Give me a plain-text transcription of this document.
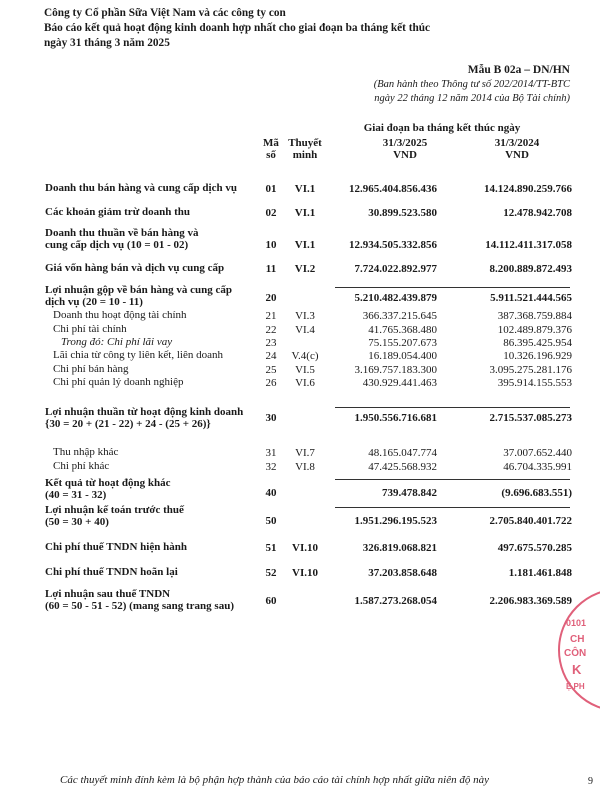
Công ty Cổ phần Sữa Việt Nam và các công ty con
Báo cáo kết quả hoạt động kinh doanh hợp nhất cho giai đoạn ba tháng kết thúc
ngày 31 tháng 3 năm 2025
Mẫu B 02a – DN/HN
(Ban hành theo Thông tư số 202/2014/TT-BTC
ngày 22 tháng 12 năm 2014 của Bộ Tài chính)
Mã
số
Thuyết
minh
Giai đoạn ba tháng kết thúc ngày
31/3/2025
VND
31/3/2024
VND
Doanh thu bán hàng và cung cấp dịch vụ	01	VI.1	12.965.404.856.436	14.124.890.259.766
Các khoản giảm trừ doanh thu	02	VI.1	30.899.523.580	12.478.942.708
Doanh thu thuần về bán hàng và
cung cấp dịch vụ (10 = 01 - 02)	10	VI.1	12.934.505.332.856	14.112.411.317.058
Giá vốn hàng bán và dịch vụ cung cấp	11	VI.2	7.724.022.892.977	8.200.889.872.493
Lợi nhuận gộp về bán hàng và cung cấp
dịch vụ (20 = 10 - 11)	20	5.210.482.439.879	5.911.521.444.565
Doanh thu hoạt động tài chính	21	VI.3	366.337.215.645	387.368.759.884
Chi phí tài chính	22	VI.4	41.765.368.480	102.489.879.376
Trong đó: Chi phí lãi vay	23	75.155.207.673	86.395.425.954
Lãi chia từ công ty liên kết, liên doanh	24	V.4(c)	16.189.054.400	10.326.196.929
Chi phí bán hàng	25	VI.5	3.169.757.183.300	3.095.275.281.176
Chi phí quản lý doanh nghiệp	26	VI.6	430.929.441.463	395.914.155.553
Lợi nhuận thuần từ hoạt động kinh doanh
{30 = 20 + (21 - 22) + 24 - (25 + 26)}	30	1.950.556.716.681	2.715.537.085.273
Thu nhập khác	31	VI.7	48.165.047.774	37.007.652.440
Chi phí khác	32	VI.8	47.425.568.932	46.704.335.991
Kết quả từ hoạt động khác
(40 = 31 - 32)	40	739.478.842	(9.696.683.551)
Lợi nhuận kế toán trước thuế
(50 = 30 + 40)	50	1.951.296.195.523	2.705.840.401.722
Chi phí thuế TNDN hiện hành	51	VI.10	326.819.068.821	497.675.570.285
Chi phí thuế TNDN hoãn lại	52	VI.10	37.203.858.648	1.181.461.848
Lợi nhuận sau thuế TNDN
(60 = 50 - 51 - 52) (mang sang trang sau)	60	1.587.273.268.054	2.206.983.369.589
0101
CH
CÔN
K
Ệ PH
Các thuyết minh đính kèm là bộ phận hợp thành của báo cáo tài chính hợp nhất giữa niên độ này	9
